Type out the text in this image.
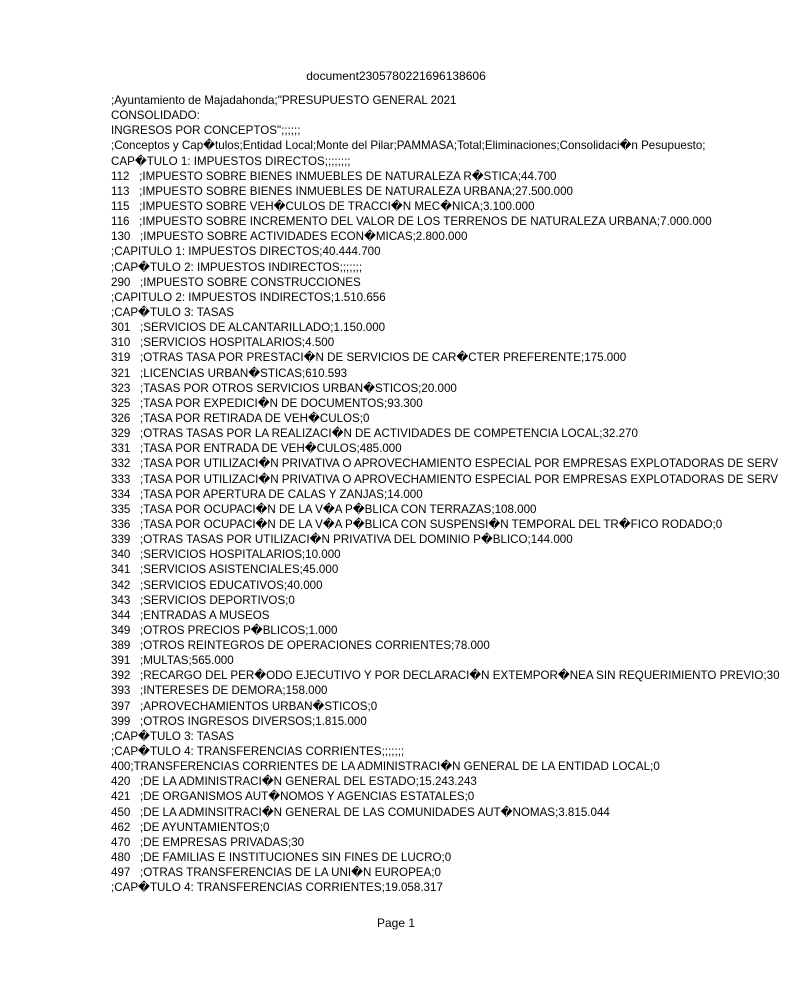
document2305780221696138606
;Ayuntamiento de Majadahonda;"PRESUPUESTO GENERAL 2021
CONSOLIDADO:
INGRESOS POR CONCEPTOS";;;;;;
;Conceptos y Cap�tulos;Entidad Local;Monte del Pilar;PAMMASA;Total;Eliminaciones;Consolidaci�n Pesupuesto;
CAP�TULO 1: IMPUESTOS DIRECTOS;;;;;;;;
112   ;IMPUESTO SOBRE BIENES INMUEBLES DE NATURALEZA R�STICA;44.700
113   ;IMPUESTO SOBRE BIENES INMUEBLES DE NATURALEZA URBANA;27.500.000
115   ;IMPUESTO SOBRE VEH�CULOS DE TRACCI�N MEC�NICA;3.100.000
116   ;IMPUESTO SOBRE INCREMENTO DEL VALOR DE LOS TERRENOS DE NATURALEZA URBANA;7.000.000
130   ;IMPUESTO SOBRE ACTIVIDADES ECON�MICAS;2.800.000
;CAPITULO 1: IMPUESTOS DIRECTOS;40.444.700
;CAP�TULO 2: IMPUESTOS INDIRECTOS;;;;;;;
290   ;IMPUESTO SOBRE CONSTRUCCIONES
;CAPITULO 2: IMPUESTOS INDIRECTOS;1.510.656
;CAP�TULO 3: TASAS
301   ;SERVICIOS DE ALCANTARILLADO;1.150.000
310   ;SERVICIOS HOSPITALARIOS;4.500
319   ;OTRAS TASA POR PRESTACI�N DE SERVICIOS DE CAR�CTER PREFERENTE;175.000
321   ;LICENCIAS URBAN�STICAS;610.593
323   ;TASAS POR OTROS SERVICIOS URBAN�STICOS;20.000
325   ;TASA POR EXPEDICI�N DE DOCUMENTOS;93.300
326   ;TASA POR RETIRADA DE VEH�CULOS;0
329   ;OTRAS TASAS POR LA REALIZACI�N DE ACTIVIDADES DE COMPETENCIA LOCAL;32.270
331   ;TASA POR ENTRADA DE VEH�CULOS;485.000
332   ;TASA POR UTILIZACI�N PRIVATIVA O APROVECHAMIENTO ESPECIAL POR EMPRESAS EXPLOTADORAS DE SERV
333   ;TASA POR UTILIZACI�N PRIVATIVA O APROVECHAMIENTO ESPECIAL POR EMPRESAS EXPLOTADORAS DE SERV
334   ;TASA POR APERTURA DE CALAS Y ZANJAS;14.000
335   ;TASA POR OCUPACI�N DE LA V�A P�BLICA CON TERRAZAS;108.000
336   ;TASA POR OCUPACI�N DE LA V�A P�BLICA CON SUSPENSI�N TEMPORAL DEL TR�FICO RODADO;0
339   ;OTRAS TASAS POR UTILIZACI�N PRIVATIVA DEL DOMINIO P�BLICO;144.000
340   ;SERVICIOS HOSPITALARIOS;10.000
341   ;SERVICIOS ASISTENCIALES;45.000
342   ;SERVICIOS EDUCATIVOS;40.000
343   ;SERVICIOS DEPORTIVOS;0
344   ;ENTRADAS A MUSEOS
349   ;OTROS PRECIOS P�BLICOS;1.000
389   ;OTROS REINTEGROS DE OPERACIONES CORRIENTES;78.000
391   ;MULTAS;565.000
392   ;RECARGO DEL PER�ODO EJECUTIVO Y POR DECLARACI�N EXTEMPOR�NEA SIN REQUERIMIENTO PREVIO;30
393   ;INTERESES DE DEMORA;158.000
397   ;APROVECHAMIENTOS URBAN�STICOS;0
399   ;OTROS INGRESOS DIVERSOS;1.815.000
;CAP�TULO 3: TASAS
;CAP�TULO 4: TRANSFERENCIAS CORRIENTES;;;;;;;
400;TRANSFERENCIAS CORRIENTES DE LA ADMINISTRACI�N GENERAL DE LA ENTIDAD LOCAL;0
420   ;DE LA ADMINISTRACI�N GENERAL DEL ESTADO;15.243.243
421   ;DE ORGANISMOS AUT�NOMOS Y AGENCIAS ESTATALES;0
450   ;DE LA ADMINSITRACI�N GENERAL DE LAS COMUNIDADES AUT�NOMAS;3.815.044
462   ;DE AYUNTAMIENTOS;0
470   ;DE EMPRESAS PRIVADAS;30
480   ;DE FAMILIAS E INSTITUCIONES SIN FINES DE LUCRO;0
497   ;OTRAS TRANSFERENCIAS DE LA UNI�N EUROPEA;0
;CAP�TULO 4: TRANSFERENCIAS CORRIENTES;19.058.317
Page 1
